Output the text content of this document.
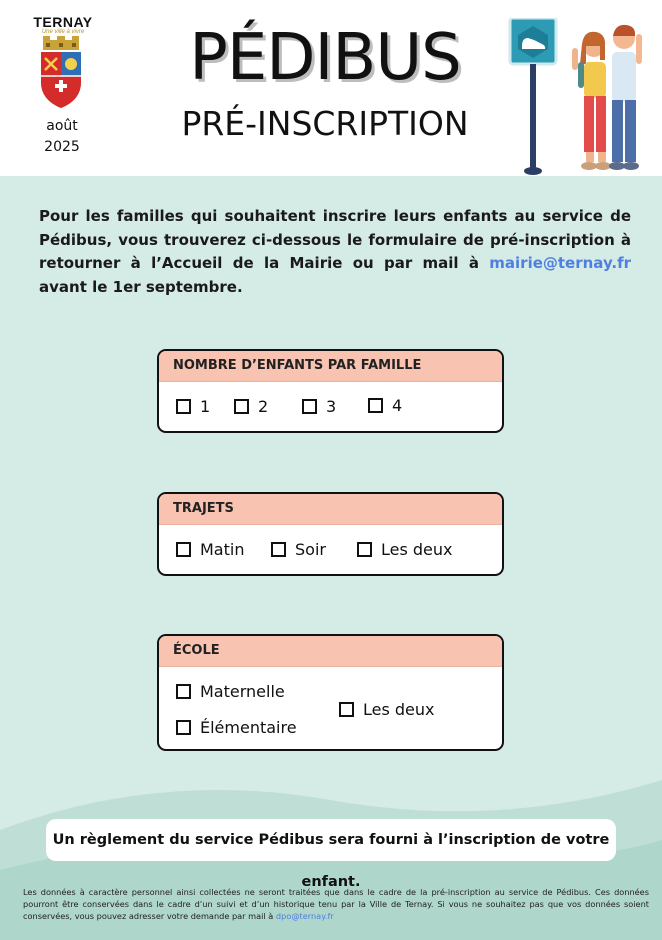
TERNAY
Une ville à vivre
août
2025
PÉDIBUS
PRÉ-INSCRIPTION
Pour les familles qui souhaitent inscrire leurs enfants au service de Pédibus, vous trouverez ci-dessous le formulaire de pré-inscription à retourner à l’Accueil de la Mairie ou par mail à mairie@ternay.fr avant le 1er septembre.
NOMBRE D’ENFANTS PAR FAMILLE
1	2	3	4
TRAJETS
Matin	Soir	Les deux
ÉCOLE
Maternelle
Élémentaire
Les deux
Un règlement du service Pédibus sera fourni à l’inscription de votre enfant.
Les données à caractère personnel ainsi collectées ne seront traitées que dans le cadre de la pré-inscription au service de Pédibus. Ces données pourront être conservées dans le cadre d’un suivi et d’un historique tenu par la Ville de Ternay. Si vous ne souhaitez pas que vos données soient conservées, vous pouvez adresser votre demande par mail à dpo@ternay.fr
